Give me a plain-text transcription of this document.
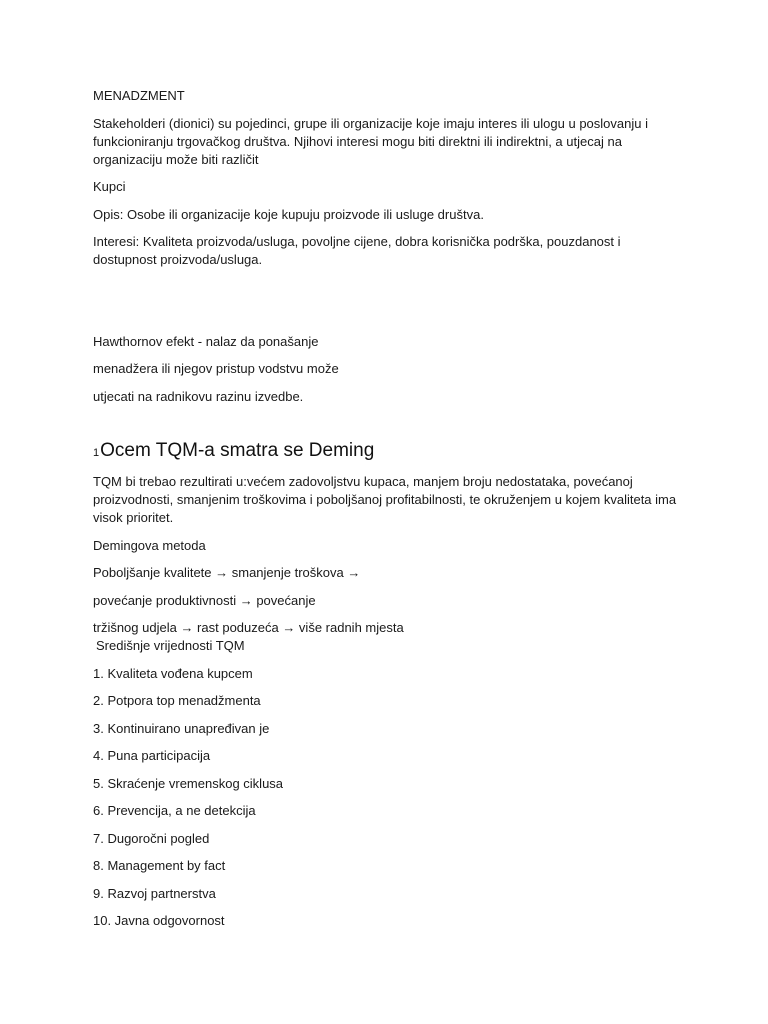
MENADZMENT

Stakeholderi (dionici) su pojedinci, grupe ili organizacije koje imaju interes ili ulogu u poslovanju i funkcioniranju trgovačkog društva. Njihovi interesi mogu biti direktni ili indirektni, a utjecaj na organizaciju može biti različit

Kupci

Opis: Osobe ili organizacije koje kupuju proizvode ili usluge društva.

Interesi: Kvaliteta proizvoda/usluga, povoljne cijene, dobra korisnička podrška, pouzdanost i dostupnost proizvoda/usluga.

Hawthornov efekt - nalaz da ponašanje

menadžera ili njegov pristup vodstvu može

utjecati na radnikovu razinu izvedbe.

1Ocem TQM-a smatra se Deming

TQM bi trebao rezultirati u:većem zadovoljstvu kupaca, manjem broju nedostataka, povećanoj proizvodnosti, smanjenim troškovima i poboljšanoj profitabilnosti, te okruženjem u kojem kvaliteta ima visok prioritet.

Demingova metoda

Poboljšanje kvalitete → smanjenje troškova →

povećanje produktivnosti → povećanje

tržišnog udjela → rast poduzeća → više radnih mjesta

Središnje vrijednosti TQM

1. Kvaliteta vođena kupcem
2. Potpora top menadžmenta
3. Kontinuirano unapređivan je
4. Puna participacija
5. Skraćenje vremenskog ciklusa
6. Prevencija, a ne detekcija
7. Dugoročni pogled
8. Management by fact
9. Razvoj partnerstva
10. Javna odgovornost
